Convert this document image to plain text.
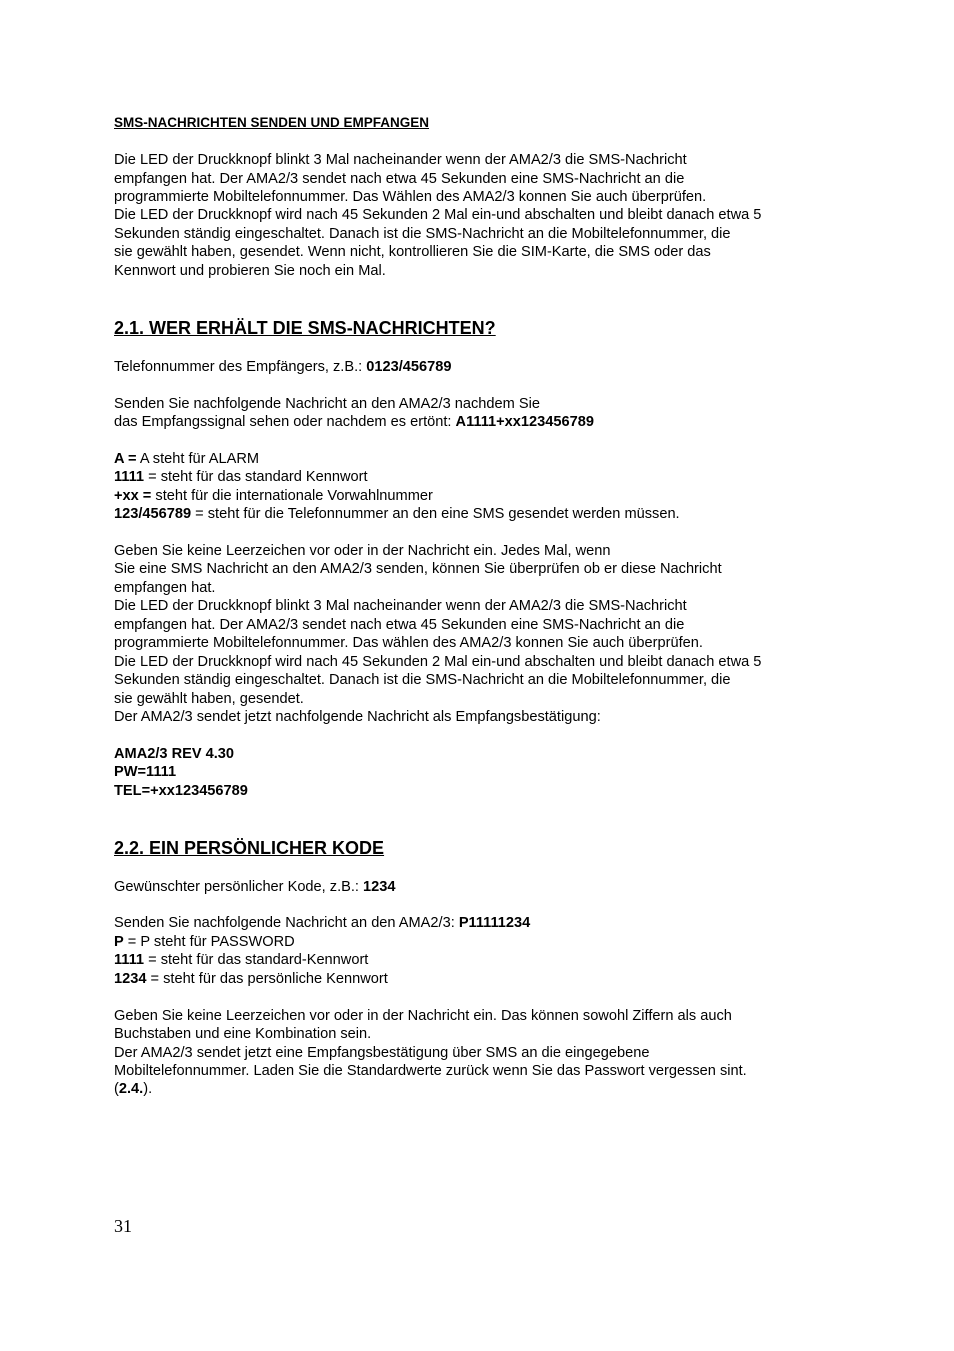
SMS-NACHRICHTEN SENDEN UND EMPFANGEN
Die LED der Druckknopf blinkt 3 Mal nacheinander wenn der AMA2/3 die SMS-Nachricht
empfangen hat. Der AMA2/3 sendet nach etwa 45 Sekunden eine SMS-Nachricht an die
programmierte Mobiltelefonnummer. Das Wählen des AMA2/3 konnen Sie auch überprüfen.
Die LED der Druckknopf wird nach 45 Sekunden 2 Mal ein-und abschalten und bleibt danach etwa 5
Sekunden ständig eingeschaltet. Danach ist die SMS-Nachricht an die Mobiltelefonnummer, die
sie gewählt haben, gesendet. Wenn nicht, kontrollieren Sie die SIM-Karte, die SMS oder das
Kennwort und probieren Sie noch ein Mal.
2.1. WER ERHÄLT DIE SMS-NACHRICHTEN?
Telefonnummer des Empfängers, z.B.: 0123/456789
Senden Sie nachfolgende Nachricht an den AMA2/3 nachdem Sie
das Empfangssignal sehen oder nachdem es ertönt: A1111+xx123456789
A = A steht für ALARM
1111 = steht für das standard Kennwort
+xx = steht für die internationale Vorwahlnummer
123/456789 = steht für die Telefonnummer an den eine SMS gesendet werden müssen.
Geben Sie keine Leerzeichen vor oder in der Nachricht ein. Jedes Mal, wenn
Sie eine SMS Nachricht an den AMA2/3 senden, können Sie überprüfen ob er diese Nachricht
empfangen hat.
Die LED der Druckknopf blinkt 3 Mal nacheinander wenn der AMA2/3 die SMS-Nachricht
empfangen hat. Der AMA2/3 sendet nach etwa 45 Sekunden eine SMS-Nachricht an die
programmierte Mobiltelefonnummer. Das wählen des AMA2/3 konnen Sie auch überprüfen.
Die LED der Druckknopf wird nach 45 Sekunden 2 Mal ein-und abschalten und bleibt danach etwa 5
Sekunden ständig eingeschaltet. Danach ist die SMS-Nachricht an die Mobiltelefonnummer, die
sie gewählt haben, gesendet.
Der AMA2/3 sendet jetzt nachfolgende Nachricht als Empfangsbestätigung:
AMA2/3 REV 4.30
PW=1111
TEL=+xx123456789
2.2. EIN PERSÖNLICHER KODE
Gewünschter persönlicher Kode, z.B.: 1234
Senden Sie nachfolgende Nachricht an den AMA2/3: P11111234
P = P steht für PASSWORD
1111 = steht für das standard-Kennwort
1234 = steht für das persönliche Kennwort
Geben Sie keine Leerzeichen vor oder in der Nachricht ein. Das können sowohl Ziffern als auch
Buchstaben und eine Kombination sein.
Der AMA2/3 sendet jetzt eine Empfangsbestätigung über SMS an die eingegebene
Mobiltelefonnummer. Laden Sie die Standardwerte zurück wenn Sie das Passwort vergessen sint.
(2.4.).
31
